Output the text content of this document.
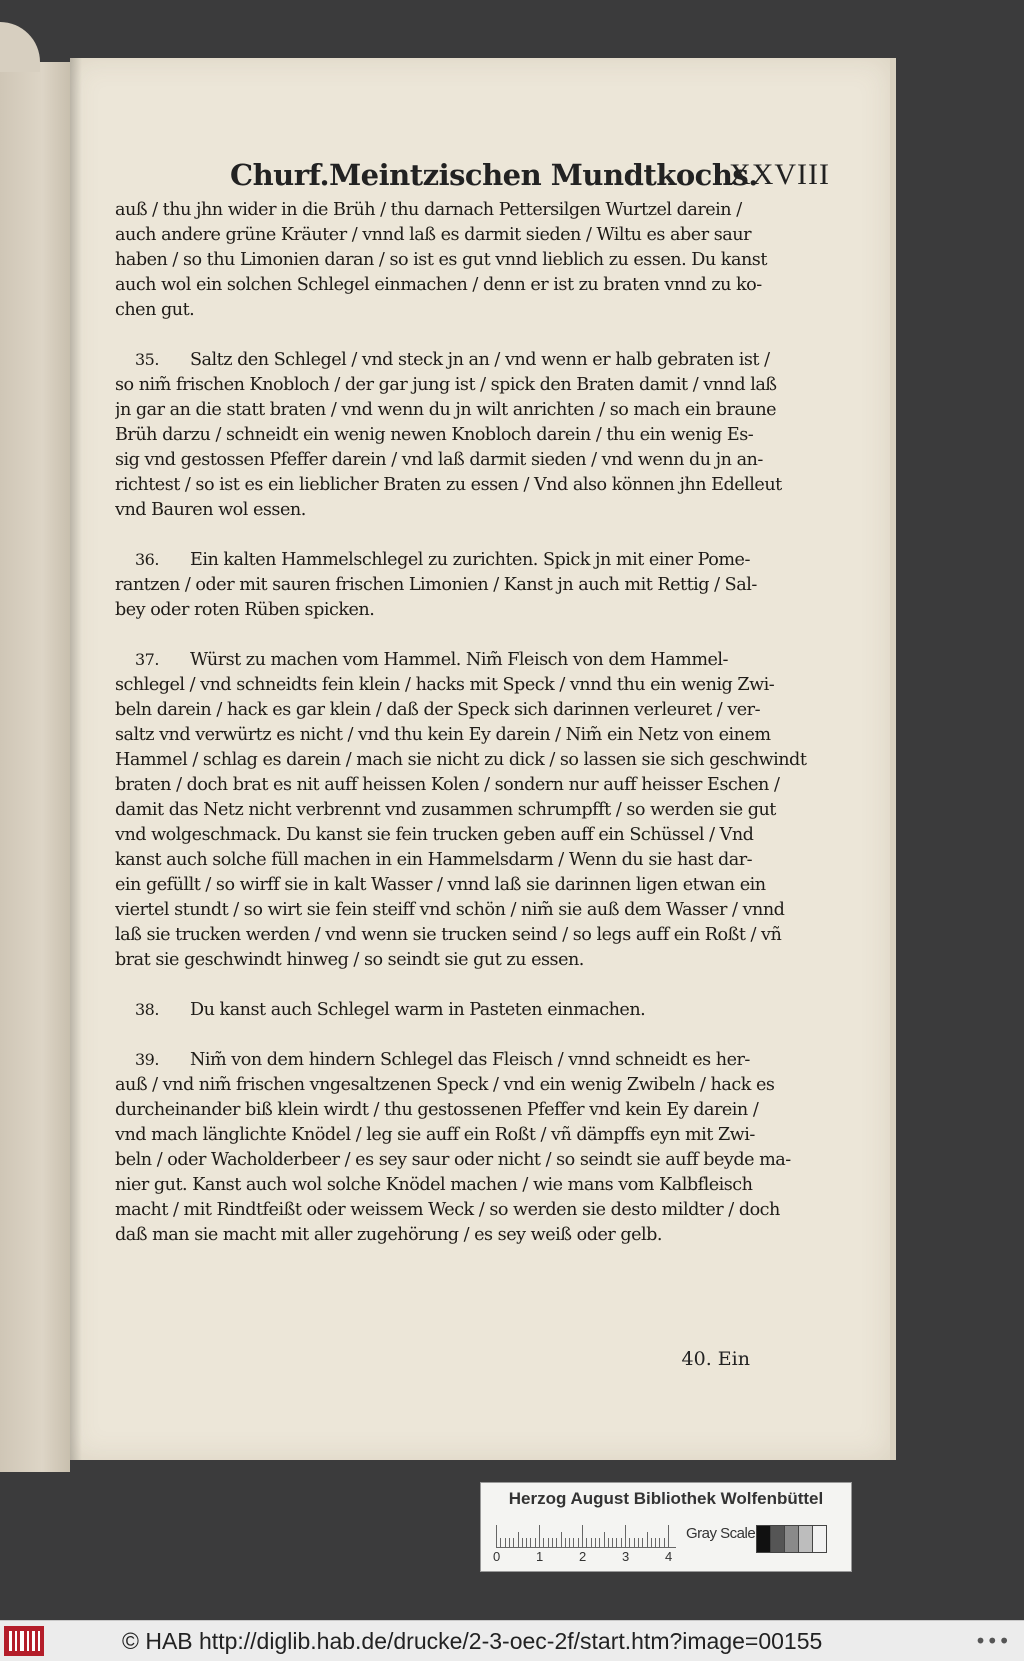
Churf.Meintzischen Mundtkochs.
XXVIII
auß / thu jhn wider in die Brüh / thu darnach Pettersilgen Wurtzel darein /
auch andere grüne Kräuter / vnnd laß es darmit sieden / Wiltu es aber saur
haben / so thu Limonien daran / so ist es gut vnnd lieblich zu essen. Du kanst
auch wol ein solchen Schlegel einmachen / denn er ist zu braten vnnd zu ko-
chen gut.
35. Saltz den Schlegel / vnd steck jn an / vnd wenn er halb gebraten ist /
so nim̃ frischen Knobloch / der gar jung ist / spick den Braten damit / vnnd laß
jn gar an die statt braten / vnd wenn du jn wilt anrichten / so mach ein braune
Brüh darzu / schneidt ein wenig newen Knobloch darein / thu ein wenig Es-
sig vnd gestossen Pfeffer darein / vnd laß darmit sieden / vnd wenn du jn an-
richtest / so ist es ein lieblicher Braten zu essen / Vnd also können jhn Edelleut
vnd Bauren wol essen.
36. Ein kalten Hammelschlegel zu zurichten. Spick jn mit einer Pome-
rantzen / oder mit sauren frischen Limonien / Kanst jn auch mit Rettig / Sal-
bey oder roten Rüben spicken.
37. Würst zu machen vom Hammel. Nim̃ Fleisch von dem Hammel-
schlegel / vnd schneidts fein klein / hacks mit Speck / vnnd thu ein wenig Zwi-
beln darein / hack es gar klein / daß der Speck sich darinnen verleuret / ver-
saltz vnd verwürtz es nicht / vnd thu kein Ey darein / Nim̃ ein Netz von einem
Hammel / schlag es darein / mach sie nicht zu dick / so lassen sie sich geschwindt
braten / doch brat es nit auff heissen Kolen / sondern nur auff heisser Eschen /
damit das Netz nicht verbrennt vnd zusammen schrumpfft / so werden sie gut
vnd wolgeschmack. Du kanst sie fein trucken geben auff ein Schüssel / Vnd
kanst auch solche füll machen in ein Hammelsdarm / Wenn du sie hast dar-
ein gefüllt / so wirff sie in kalt Wasser / vnnd laß sie darinnen ligen etwan ein
viertel stundt / so wirt sie fein steiff vnd schön / nim̃ sie auß dem Wasser / vnnd
laß sie trucken werden / vnd wenn sie trucken seind / so legs auff ein Roßt / vñ
brat sie geschwindt hinweg / so seindt sie gut zu essen.
38. Du kanst auch Schlegel warm in Pasteten einmachen.
39. Nim̃ von dem hindern Schlegel das Fleisch / vnnd schneidt es her-
auß / vnd nim̃ frischen vngesaltzenen Speck / vnd ein wenig Zwibeln / hack es
durcheinander biß klein wirdt / thu gestossenen Pfeffer vnd kein Ey darein /
vnd mach länglichte Knödel / leg sie auff ein Roßt / vñ dämpffs eyn mit Zwi-
beln / oder Wacholderbeer / es sey saur oder nicht / so seindt sie auff beyde ma-
nier gut. Kanst auch wol solche Knödel machen / wie mans vom Kalbfleisch
macht / mit Rindtfeißt oder weissem Weck / so werden sie desto mildter / doch
daß man sie macht mit aller zugehörung / es sey weiß oder gelb.
40. Ein
Herzog August Bibliothek Wolfenbüttel
0	1	2	3	4
Gray Scale
© HAB http://diglib.hab.de/drucke/2-3-oec-2f/start.htm?image=00155	•••
